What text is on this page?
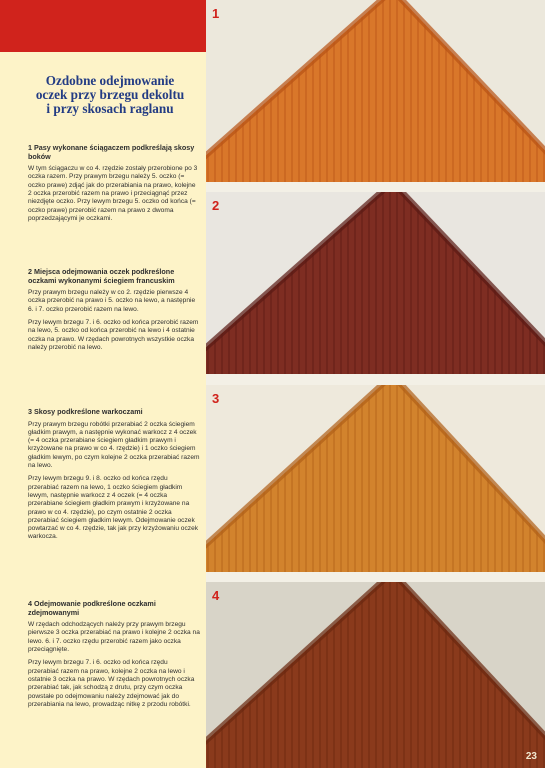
Ozdobne odejmowanie
oczek przy brzegu dekoltu
i przy skosach raglanu

1 Pasy wykonane ściągaczem podkreślają skosy boków

W tym ściągaczu w co 4. rzędzie zostały przerobione po 3 oczka razem. Przy prawym brzegu należy 5. oczko (= oczko prawe) zdjąć jak do przerabiania na prawo, kolejne 2 oczka przerobić razem na prawo i przeciągnąć przez niezdjęte oczko. Przy lewym brzegu 5. oczko od końca (= oczko prawe) przerobić razem na prawo z dwoma poprzedzającymi je oczkami.

2 Miejsca odejmowania oczek podkreślone oczkami wykonanymi ściegiem francuskim

Przy prawym brzegu należy w co 2. rzędzie pierwsze 4 oczka przerobić na prawo i 5. oczko na lewo, a następnie 6. i 7. oczko przerobić razem na lewo.

Przy lewym brzegu 7. i 6. oczko od końca przerobić razem na lewo, 5. oczko od końca przerobić na lewo i 4 ostatnie oczka na prawo. W rzędach powrotnych wszystkie oczka należy przerobić na lewo.

3 Skosy podkreślone warkoczami

Przy prawym brzegu robótki przerabiać 2 oczka ściegiem gładkim prawym, a następnie wykonać warkocz z 4 oczek (= 4 oczka przerabiane ściegiem gładkim prawym i krzyżowane na prawo w co 4. rzędzie) i 1 oczko ściegiem gładkim lewym, po czym kolejne 2 oczka przerabiać razem na lewo.

Przy lewym brzegu 9. i 8. oczko od końca rzędu przerabiać razem na lewo, 1 oczko ściegiem gładkim lewym, następnie warkocz z 4 oczek (= 4 oczka przerabiane ściegiem gładkim prawym i krzyżowane na prawo w co 4. rzędzie), po czym ostatnie 2 oczka przerabiać ściegiem gładkim lewym. Odejmowanie oczek powtarzać w co 4. rzędzie, tak jak przy krzyżowaniu oczek warkocza.

4 Odejmowanie podkreślone oczkami zdejmowanymi

W rzędach odchodzących należy przy prawym brzegu pierwsze 3 oczka przerabiać na prawo i kolejne 2 oczka na lewo. 6. i 7. oczko rzędu przerobić razem jako oczka przeciągnięte.

Przy lewym brzegu 7. i 6. oczko od końca rzędu przerabiać razem na prawo, kolejne 2 oczka na lewo i ostatnie 3 oczka na prawo. W rzędach powrotnych oczka przerabiać tak, jak schodzą z drutu, przy czym oczka powstałe po odejmowaniu należy zdejmować jak do przerabiania na lewo, prowadząc nitkę z przodu robótki.

1
2
3
4
23
